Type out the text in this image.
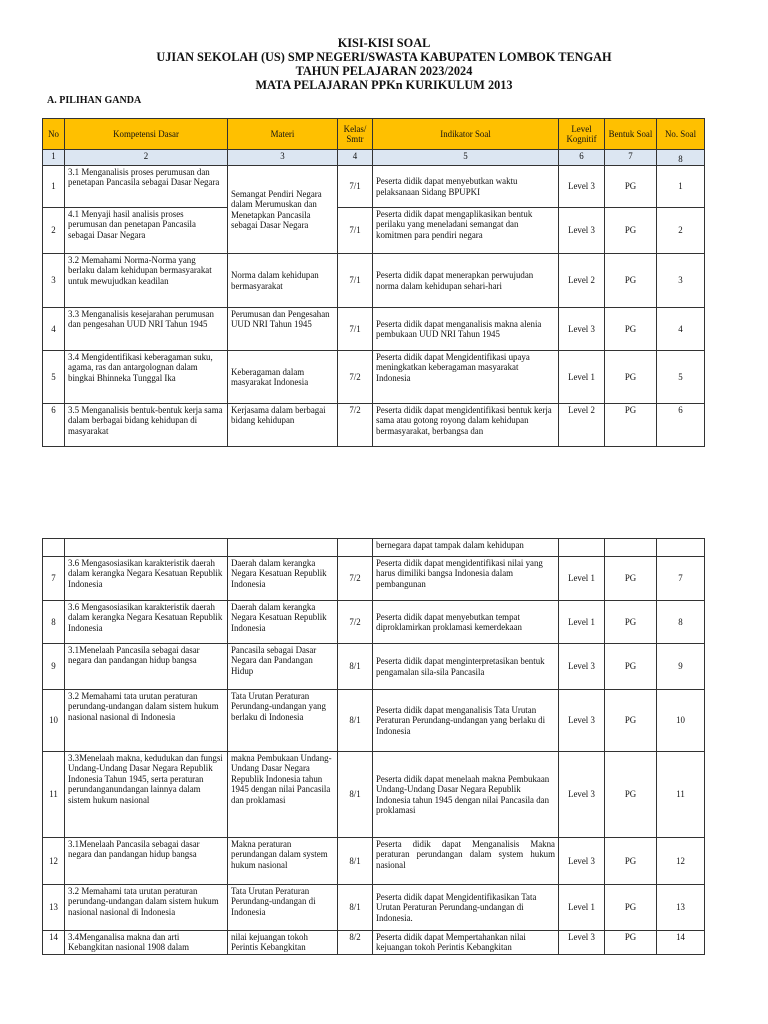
KISI-KISI SOAL
UJIAN SEKOLAH (US) SMP NEGERI/SWASTA KABUPATEN LOMBOK TENGAH
TAHUN PELAJARAN 2023/2024
MATA PELAJARAN PPKn KURIKULUM 2013
A. PILIHAN GANDA
No	Kompetensi Dasar	Materi	Kelas/ Smtr	Indikator Soal	Level Kognitif	Bentuk Soal	No. Soal
1	2	3	4	5	6	7	8
1	3.1 Menganalisis proses perumusan dan penetapan Pancasila sebagai Dasar Negara	Semangat Pendiri Negara dalam Merumuskan dan Menetapkan Pancasila sebagai Dasar Negara	7/1	Peserta didik dapat menyebutkan waktu pelaksanaan Sidang BPUPKI	Level 3	PG	1
2	4.1 Menyaji hasil analisis proses perumusan dan penetapan Pancasila sebagai Dasar Negara		7/1	Peserta didik dapat mengaplikasikan bentuk perilaku yang meneladani semangat dan komitmen para pendiri negara	Level 3	PG	2
3	3.2 Memahami Norma-Norma yang berlaku dalam kehidupan bermasyarakat untuk mewujudkan keadilan	Norma dalam kehidupan bermasyarakat	7/1	Peserta didik dapat menerapkan perwujudan norma dalam kehidupan sehari-hari	Level 2	PG	3
4	3.3 Menganalisis kesejarahan perumusan dan pengesahan UUD NRI Tahun 1945	Perumusan dan Pengesahan UUD NRI Tahun 1945	7/1	Peserta didik dapat menganalisis makna alenia pembukaan UUD NRI Tahun 1945	Level 3	PG	4
5	3.4 Mengidentifikasi keberagaman suku, agama, ras dan antargolognan dalam bingkai Bhinneka Tunggal Ika	Keberagaman dalam masyarakat Indonesia	7/2	Peserta didik dapat Mengidentifikasi upaya meningkatkan keberagaman masyarakat Indonesia	Level 1	PG	5
6	3.5 Menganalisis bentuk-bentuk kerja sama dalam berbagai bidang kehidupan di masyarakat	Kerjasama dalam berbagai bidang kehidupan	7/2	Peserta didik dapat mengidentifikasi bentuk kerja sama atau gotong royong dalam kehidupan bermasyarakat, berbangsa dan	Level 2	PG	6
				bernegara dapat tampak dalam kehidupan			
7	3.6 Mengasosiasikan karakteristik daerah dalam kerangka Negara Kesatuan Republik Indonesia	Daerah dalam kerangka Negara Kesatuan Republik Indonesia	7/2	Peserta didik dapat mengidentifikasi nilai yang harus dimiliki bangsa Indonesia dalam pembangunan	Level 1	PG	7
8	3.6 Mengasosiasikan karakteristik daerah dalam kerangka Negara Kesatuan Republik Indonesia	Daerah dalam kerangka Negara Kesatuan Republik Indonesia	7/2	Peserta didik dapat menyebutkan tempat diproklamirkan proklamasi kemerdekaan	Level 1	PG	8
9	3.1Menelaah Pancasila sebagai dasar negara dan pandangan hidup bangsa	Pancasila sebagai Dasar Negara dan Pandangan Hidup	8/1	Peserta didik dapat menginterpretasikan bentuk pengamalan sila-sila Pancasila	Level 3	PG	9
10	3.2 Memahami tata urutan peraturan perundang-undangan dalam sistem hukum nasional nasional di Indonesia	Tata Urutan Peraturan Perundang-undangan yang berlaku di Indonesia	8/1	Peserta didik dapat menganalisis Tata Urutan Peraturan Perundang-undangan yang berlaku di Indonesia	Level 3	PG	10
11	3.3Menelaah makna, kedudukan dan fungsi Undang-Undang Dasar Negara Republik Indonesia Tahun 1945, serta peraturan perundanganundangan lainnya dalam sistem hukum nasional	makna Pembukaan Undang-Undang Dasar Negara Republik Indonesia tahun 1945 dengan nilai Pancasila dan proklamasi	8/1	Peserta didik dapat menelaah makna Pembukaan Undang-Undang Dasar Negara Republik Indonesia tahun 1945 dengan nilai Pancasila dan proklamasi	Level 3	PG	11
12	3.1Menelaah Pancasila sebagai dasar negara dan pandangan hidup bangsa	Makna peraturan perundangan dalam system hukum nasional	8/1	Peserta didik dapat Menganalisis Makna peraturan perundangan dalam system hukum nasional	Level 3	PG	12
13	3.2 Memahami tata urutan peraturan perundang-undangan dalam sistem hukum nasional nasional di Indonesia	Tata Urutan Peraturan Perundang-undangan di Indonesia	8/1	Peserta didik dapat Mengidentifikasikan Tata Urutan Peraturan Perundang-undangan di Indonesia.	Level 1	PG	13
14	3.4Menganalisa makna dan arti Kebangkitan nasional 1908 dalam	nilai kejuangan tokoh Perintis Kebangkitan	8/2	Peserta didik dapat Mempertahankan nilai kejuangan tokoh Perintis Kebangkitan	Level 3	PG	14
